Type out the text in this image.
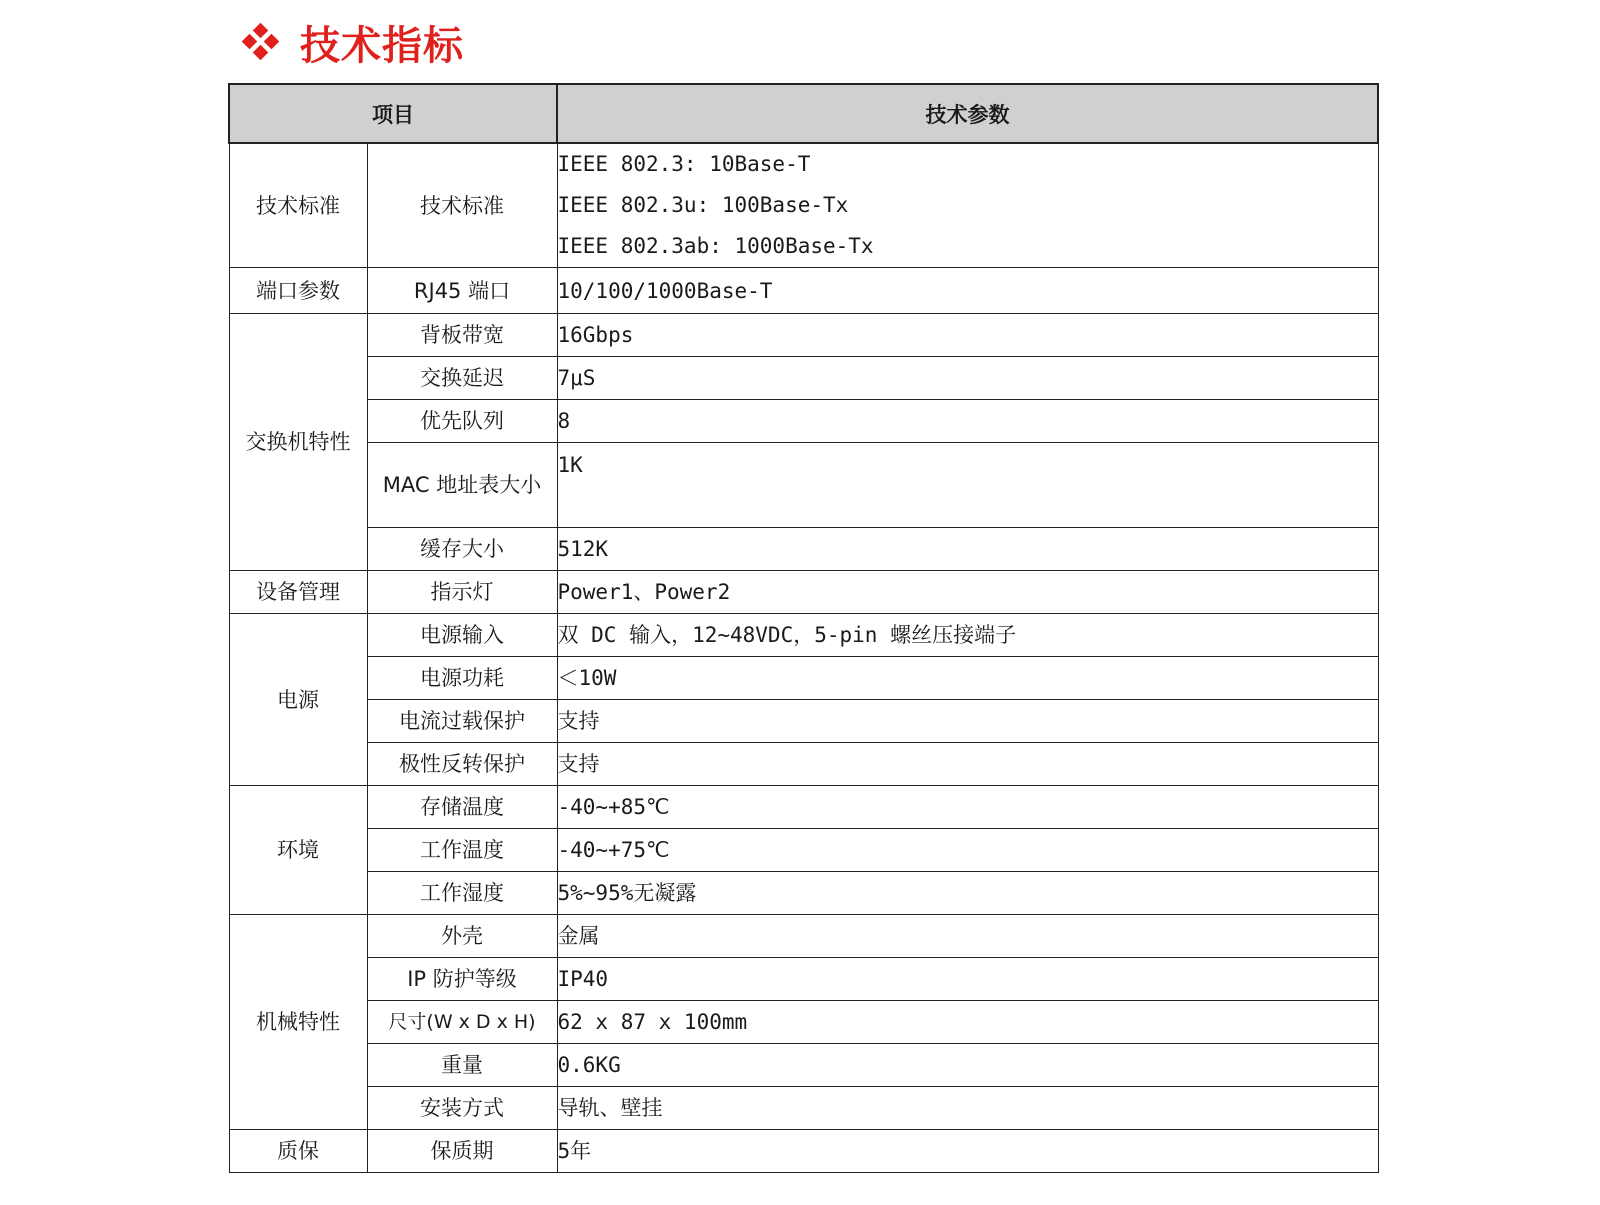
技术指标
项目		技术参数
技术标准	技术标准	IEEE 802.3: 10Base-T
IEEE 802.3u: 100Base-Tx
IEEE 802.3ab: 1000Base-Tx

端口参数	RJ45 端口	10/100/1000Base-T
交换机特性	背板带宽	16Gbps
	交换延迟	7μS
	优先队列	8
	MAC 地址表大小	1K
	缓存大小	512K
设备管理	指示灯	Power1、Power2
电源	电源输入	双 DC 输入，12~48VDC，5-pin 螺丝压接端子
	电源功耗	＜10W
	电流过载保护	支持
	极性反转保护	支持
环境	存储温度	-40~+85℃
	工作温度	-40~+75℃
	工作湿度	5%~95%无凝露
机械特性	外壳	金属
	IP 防护等级	IP40
	尺寸(W x D x H)	62 x 87 x 100mm
	重量	0.6KG
	安装方式	导轨、壁挂
质保	保质期	5年
